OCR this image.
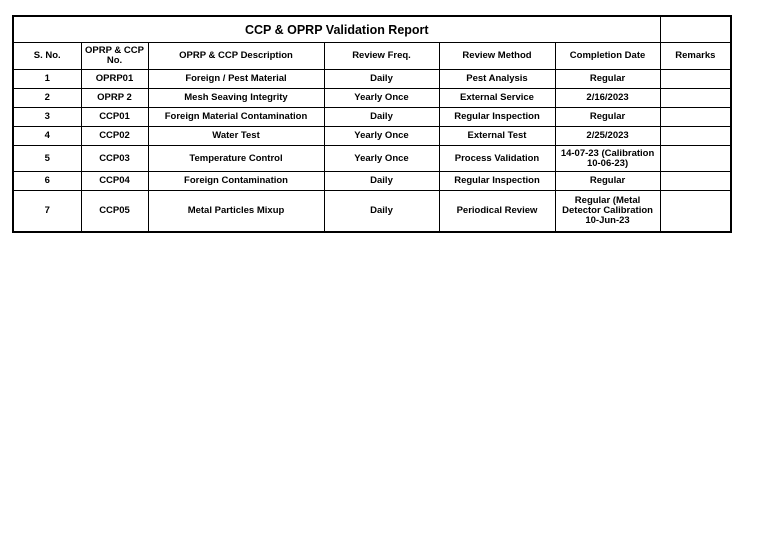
CCP & OPRP Validation Report						
S. No.	OPRP & CCP No.	OPRP & CCP Description	Review Freq.	Review Method	Completion Date	Remarks
1	OPRP01	Foreign / Pest Material	Daily	Pest Analysis	Regular	
2	OPRP 2	Mesh Seaving Integrity	Yearly Once	External Service	2/16/2023	
3	CCP01	Foreign Material Contamination	Daily	Regular Inspection	Regular	
4	CCP02	Water Test	Yearly Once	External Test	2/25/2023	
5	CCP03	Temperature Control	Yearly Once	Process Validation	14-07-23 (Calibration 10-06-23)	
6	CCP04	Foreign Contamination	Daily	Regular Inspection	Regular	
7	CCP05	Metal Particles Mixup	Daily	Periodical Review	Regular (Metal Detector Calibration 10-Jun-23	
